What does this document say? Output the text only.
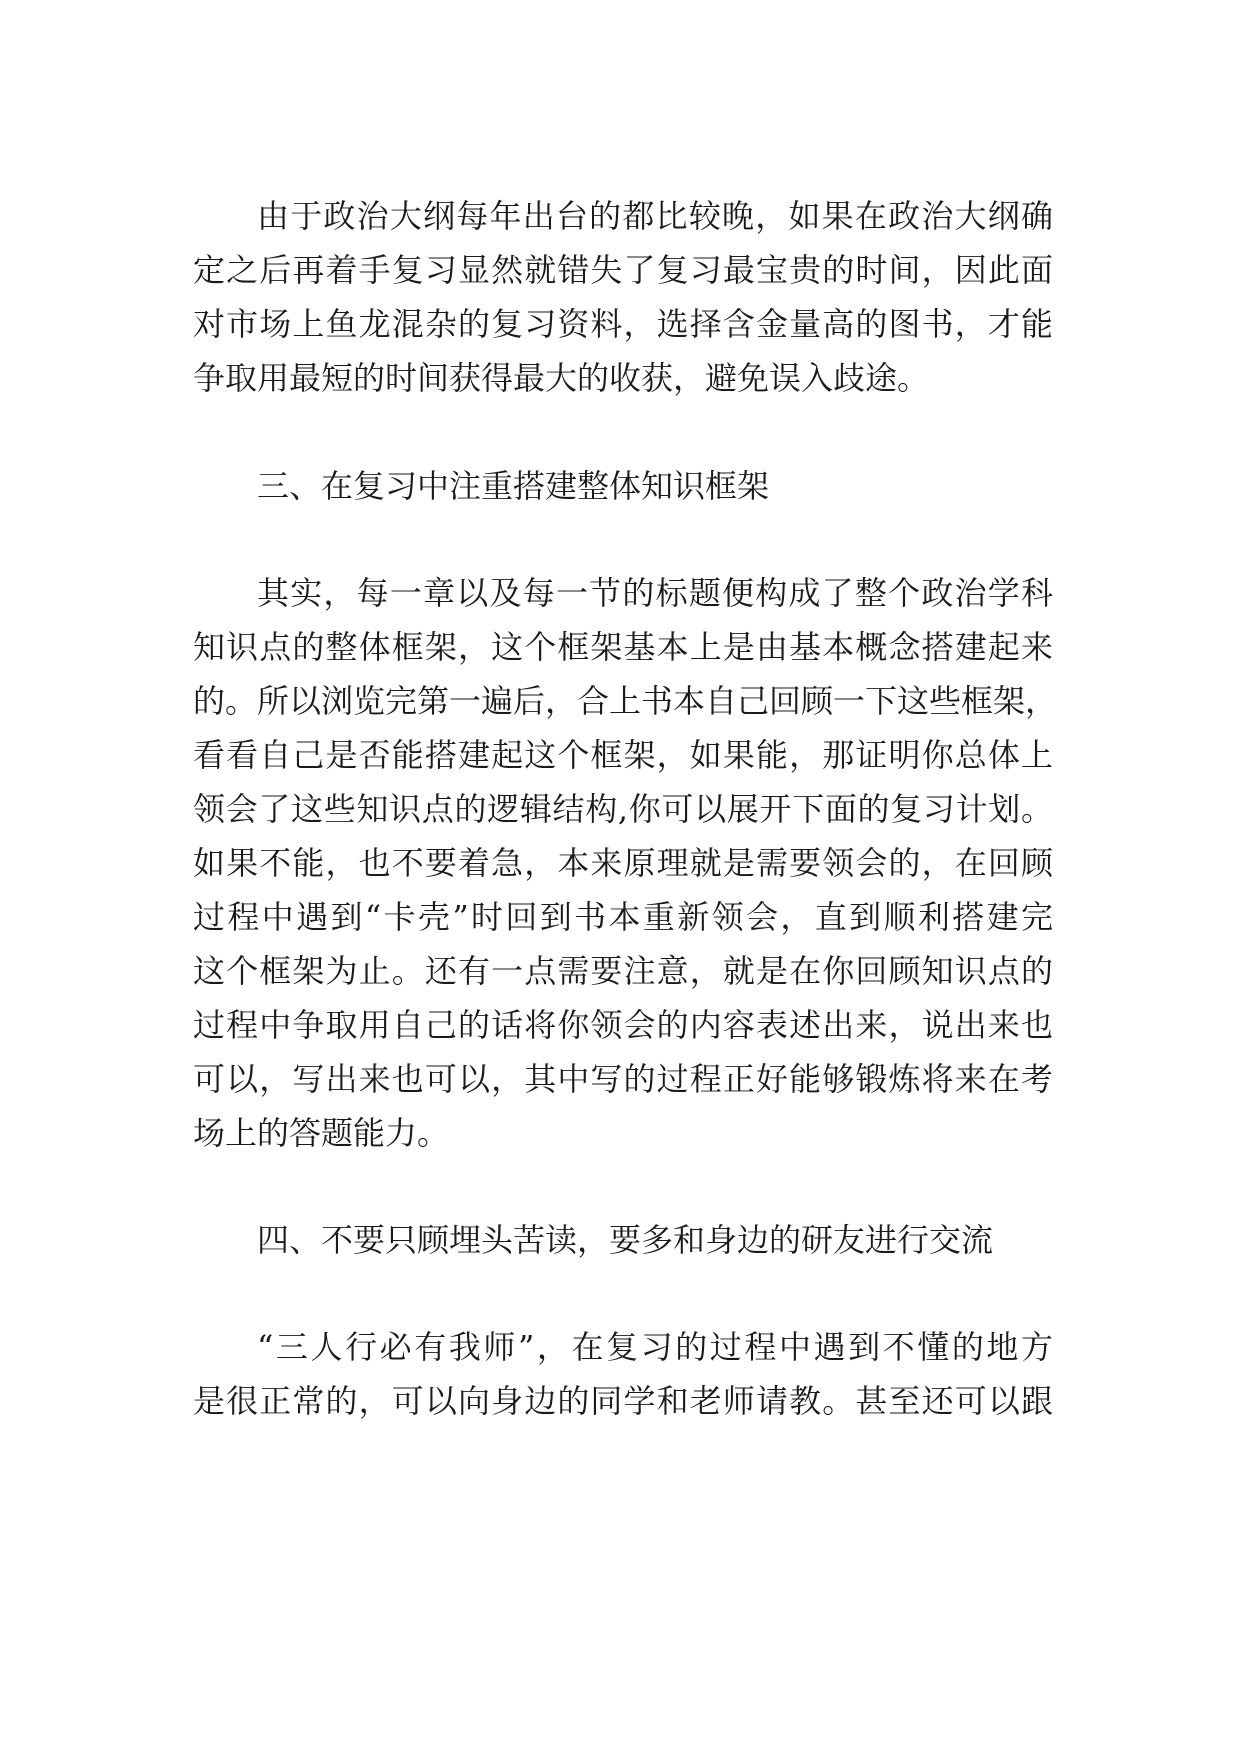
由于政治大纲每年出台的都比较晚，如果在政治大纲确
定之后再着手复习显然就错失了复习最宝贵的时间，因此面
对市场上鱼龙混杂的复习资料，选择含金量高的图书，才能
争取用最短的时间获得最大的收获，避免误入歧途。
三、在复习中注重搭建整体知识框架
其实，每一章以及每一节的标题便构成了整个政治学科
知识点的整体框架，这个框架基本上是由基本概念搭建起来
的。所以浏览完第一遍后，合上书本自己回顾一下这些框架，
看看自己是否能搭建起这个框架，如果能，那证明你总体上
领会了这些知识点的逻辑结构,你可以展开下面的复习计划。
如果不能，也不要着急，本来原理就是需要领会的，在回顾
过程中遇到“卡壳”时回到书本重新领会，直到顺利搭建完
这个框架为止。还有一点需要注意，就是在你回顾知识点的
过程中争取用自己的话将你领会的内容表述出来，说出来也
可以，写出来也可以，其中写的过程正好能够锻炼将来在考
场上的答题能力。
四、不要只顾埋头苦读，要多和身边的研友进行交流
“三人行必有我师”，在复习的过程中遇到不懂的地方
是很正常的，可以向身边的同学和老师请教。甚至还可以跟
